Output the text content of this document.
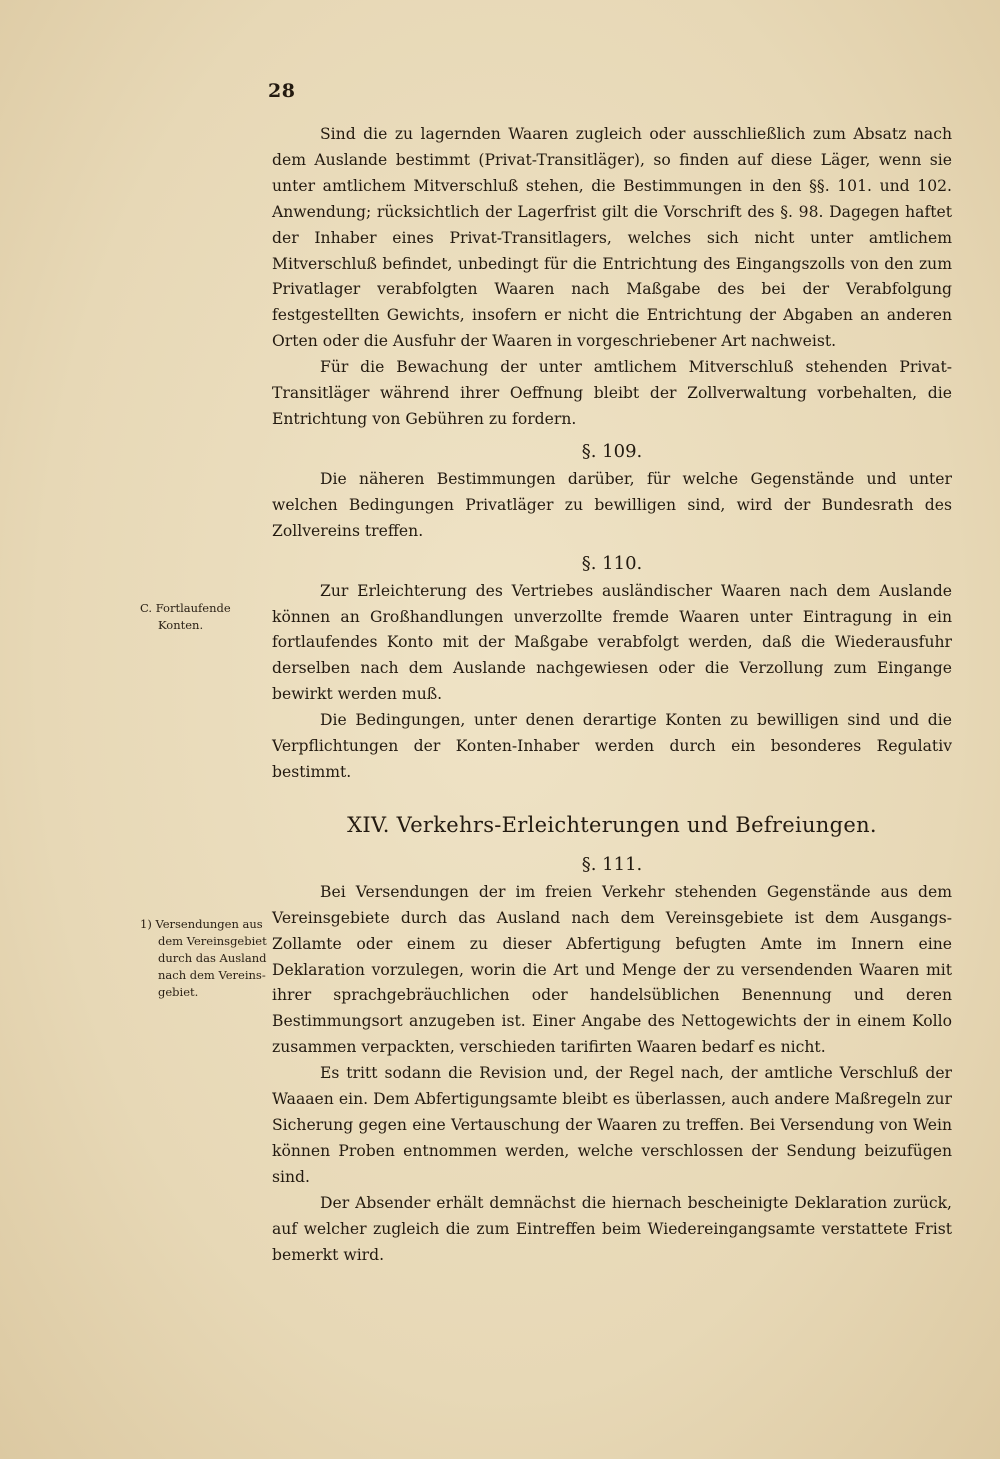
28
C. Fortlaufende
Konten.
1) Versendungen aus
dem Vereinsgebiet
durch das Ausland
nach dem Vereins-
gebiet.

Sind die zu lagernden Waaren zugleich oder ausschließlich zum Absatz nach dem Auslande bestimmt (Privat-Transitläger), so finden auf diese Läger, wenn sie unter amtlichem Mitverschluß stehen, die Bestimmungen in den §§. 101. und 102. Anwendung; rücksichtlich der Lagerfrist gilt die Vorschrift des §. 98. Dagegen haftet der Inhaber eines Privat-Transitlagers, welches sich nicht unter amtlichem Mitverschluß befindet, unbedingt für die Entrichtung des Eingangszolls von den zum Privatlager verabfolgten Waaren nach Maßgabe des bei der Verabfolgung festgestellten Gewichts, insofern er nicht die Entrichtung der Abgaben an anderen Orten oder die Ausfuhr der Waaren in vorgeschriebener Art nachweist.

Für die Bewachung der unter amtlichem Mitverschluß stehenden Privat-Transitläger während ihrer Oeffnung bleibt der Zollverwaltung vorbehalten, die Entrichtung von Gebühren zu fordern.

§. 109.

Die näheren Bestimmungen darüber, für welche Gegenstände und unter welchen Bedingungen Privatläger zu bewilligen sind, wird der Bundesrath des Zollvereins treffen.

§. 110.

Zur Erleichterung des Vertriebes ausländischer Waaren nach dem Auslande können an Großhandlungen unverzollte fremde Waaren unter Eintragung in ein fortlaufendes Konto mit der Maßgabe verabfolgt werden, daß die Wiederausfuhr derselben nach dem Auslande nachgewiesen oder die Verzollung zum Eingange bewirkt werden muß.

Die Bedingungen, unter denen derartige Konten zu bewilligen sind und die Verpflichtungen der Konten-Inhaber werden durch ein besonderes Regulativ bestimmt.

XIV. Verkehrs-Erleichterungen und Befreiungen.
§. 111.

Bei Versendungen der im freien Verkehr stehenden Gegenstände aus dem Vereinsgebiete durch das Ausland nach dem Vereinsgebiete ist dem Ausgangs-Zollamte oder einem zu dieser Abfertigung befugten Amte im Innern eine Deklaration vorzulegen, worin die Art und Menge der zu versendenden Waaren mit ihrer sprachgebräuchlichen oder handelsüblichen Benennung und deren Bestimmungsort anzugeben ist. Einer Angabe des Nettogewichts der in einem Kollo zusammen verpackten, verschieden tarifirten Waaren bedarf es nicht.

Es tritt sodann die Revision und, der Regel nach, der amtliche Verschluß der Waaaen ein. Dem Abfertigungsamte bleibt es überlassen, auch andere Maßregeln zur Sicherung gegen eine Vertauschung der Waaren zu treffen. Bei Versendung von Wein können Proben entnommen werden, welche verschlossen der Sendung beizufügen sind.

Der Absender erhält demnächst die hiernach bescheinigte Deklaration zurück, auf welcher zugleich die zum Eintreffen beim Wiedereingangsamte verstattete Frist bemerkt wird.
